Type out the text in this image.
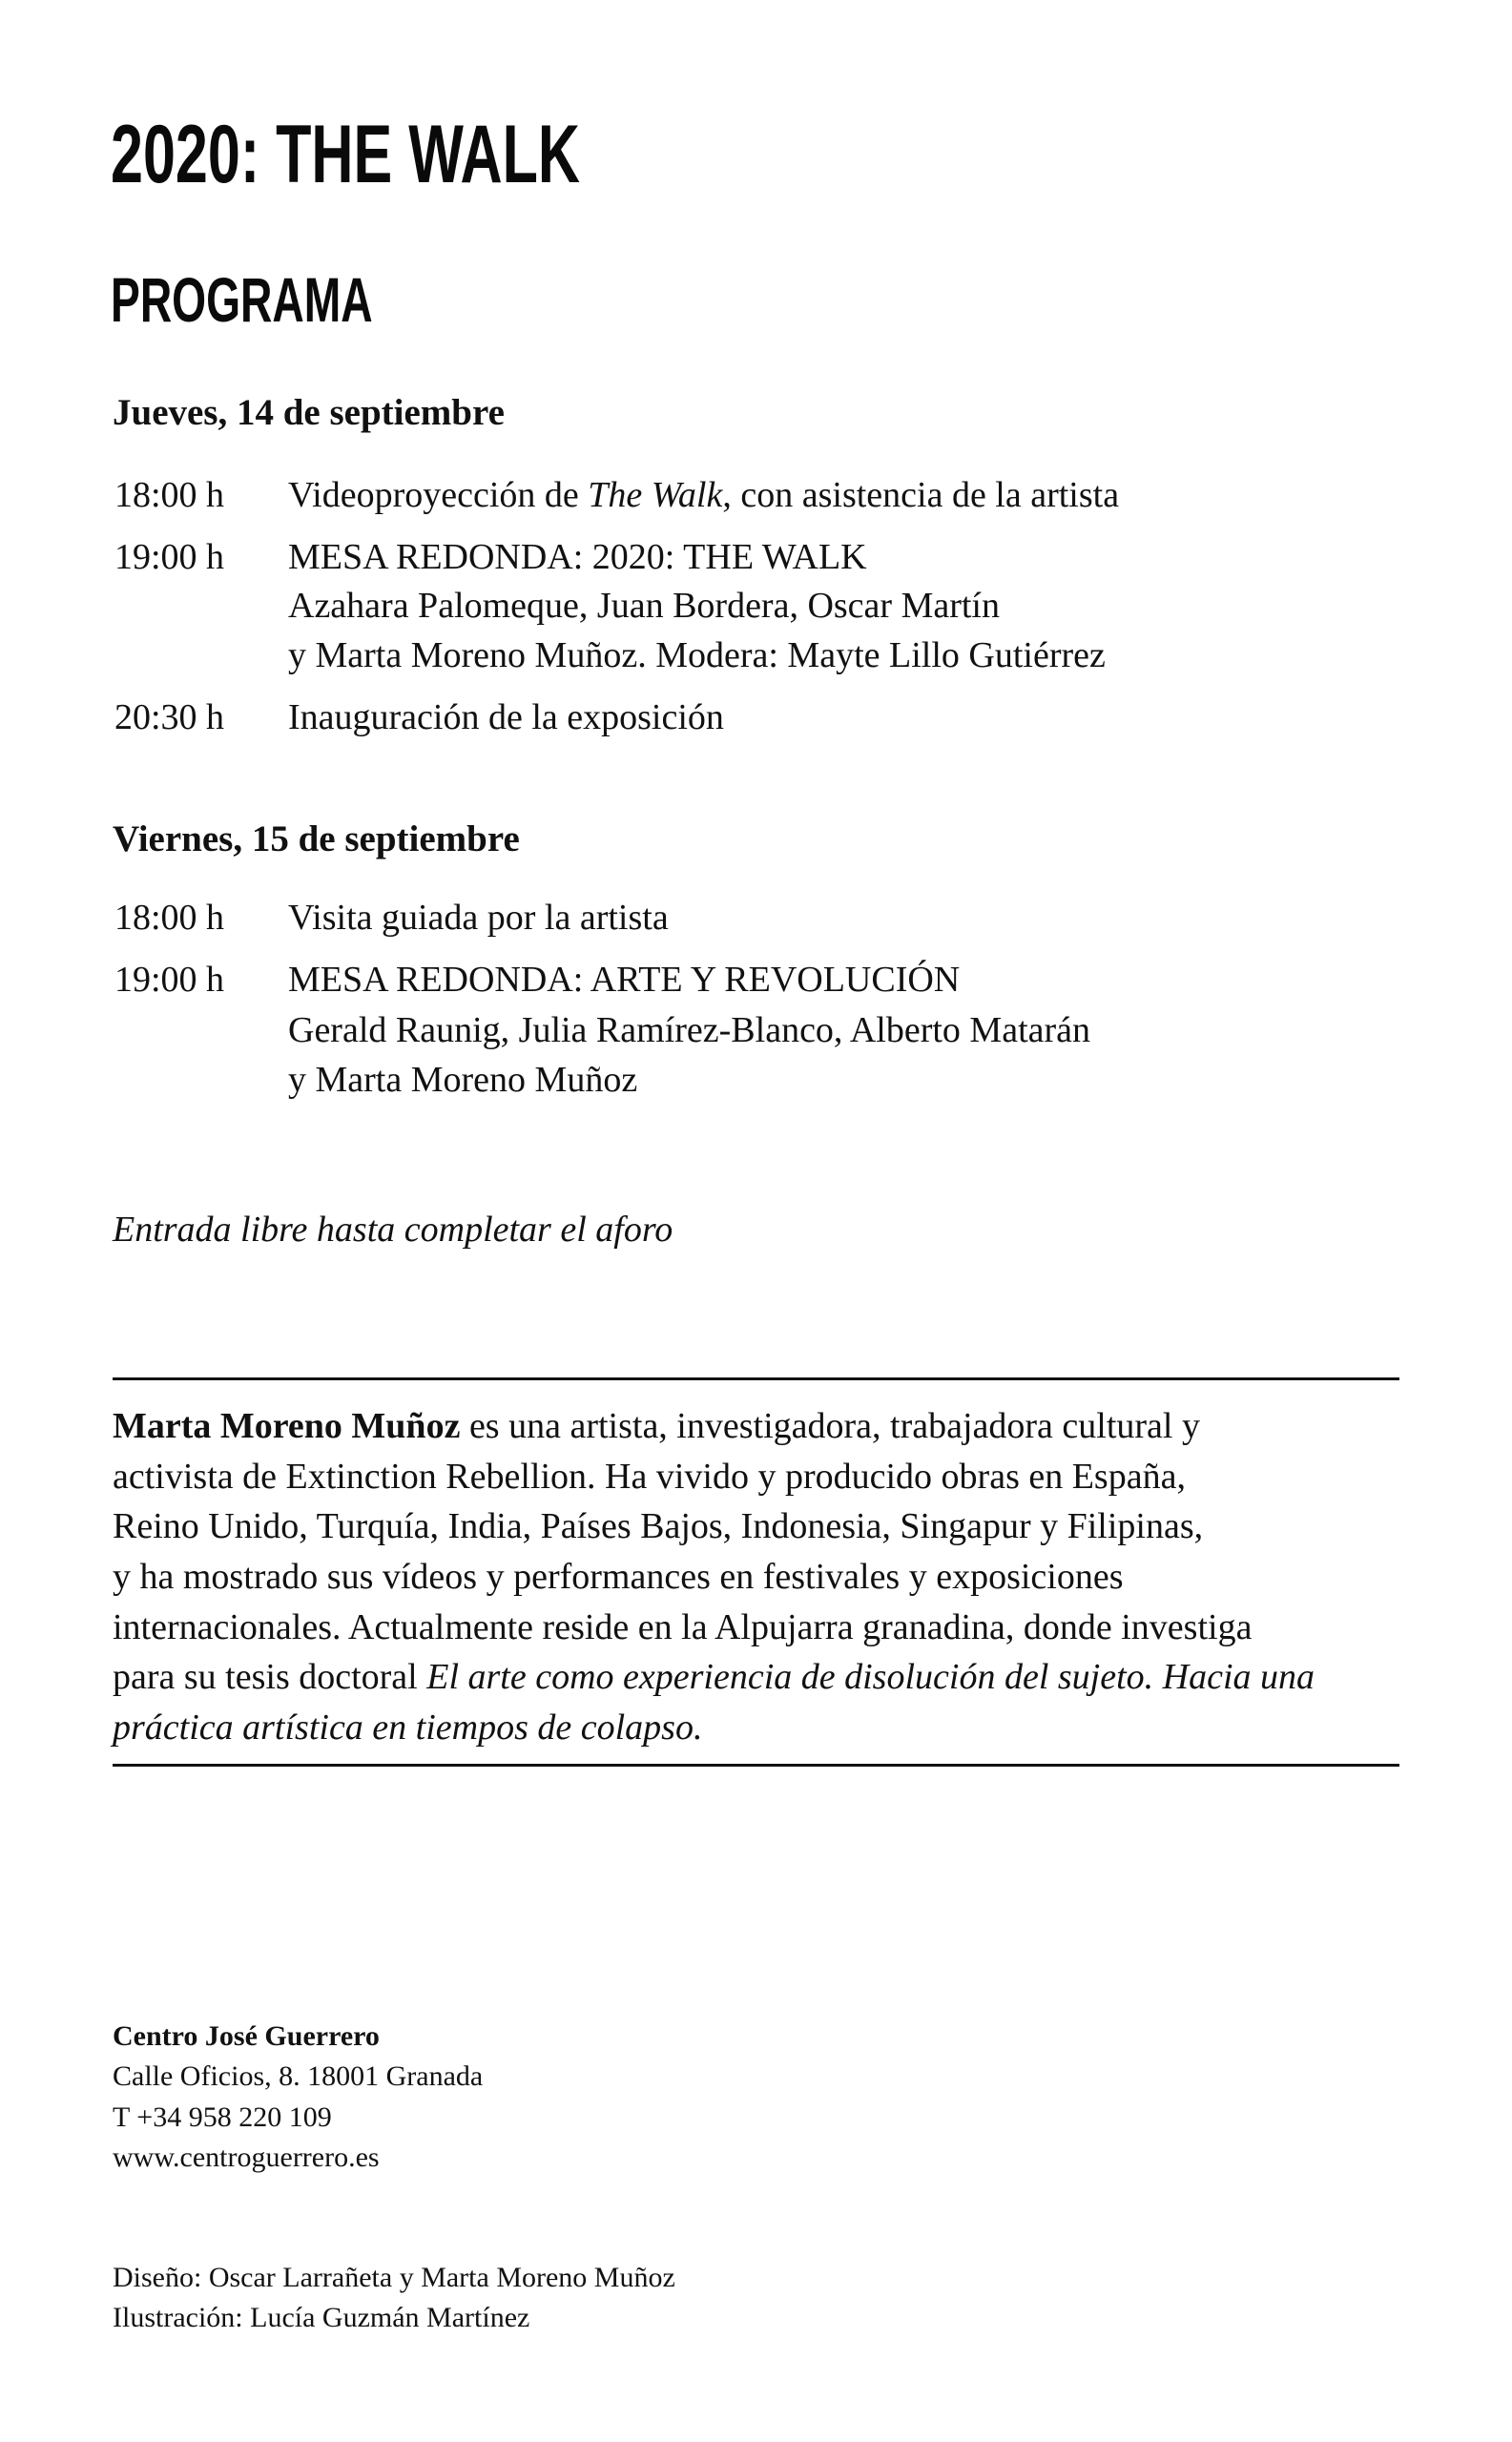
2020: THE WALK
PROGRAMA
Jueves, 14 de septiembre
18:00 h Videoproyección de The Walk, con asistencia de la artista
19:00 h MESA REDONDA: 2020: THE WALK
Azahara Palomeque, Juan Bordera, Oscar Martín
y Marta Moreno Muñoz. Modera: Mayte Lillo Gutiérrez
20:30 h Inauguración de la exposición
Viernes, 15 de septiembre
18:00 h Visita guiada por la artista
19:00 h MESA REDONDA: ARTE Y REVOLUCIÓN
Gerald Raunig, Julia Ramírez-Blanco, Alberto Matarán
y Marta Moreno Muñoz
Entrada libre hasta completar el aforo
Marta Moreno Muñoz es una artista, investigadora, trabajadora cultural y
activista de Extinction Rebellion. Ha vivido y producido obras en España,
Reino Unido, Turquía, India, Países Bajos, Indonesia, Singapur y Filipinas,
y ha mostrado sus vídeos y performances en festivales y exposiciones
internacionales. Actualmente reside en la Alpujarra granadina, donde investiga
para su tesis doctoral El arte como experiencia de disolución del sujeto. Hacia una
práctica artística en tiempos de colapso.
Centro José Guerrero
Calle Oficios, 8. 18001 Granada
T +34 958 220 109
www.centroguerrero.es
Diseño: Oscar Larrañeta y Marta Moreno Muñoz
Ilustración: Lucía Guzmán Martínez
